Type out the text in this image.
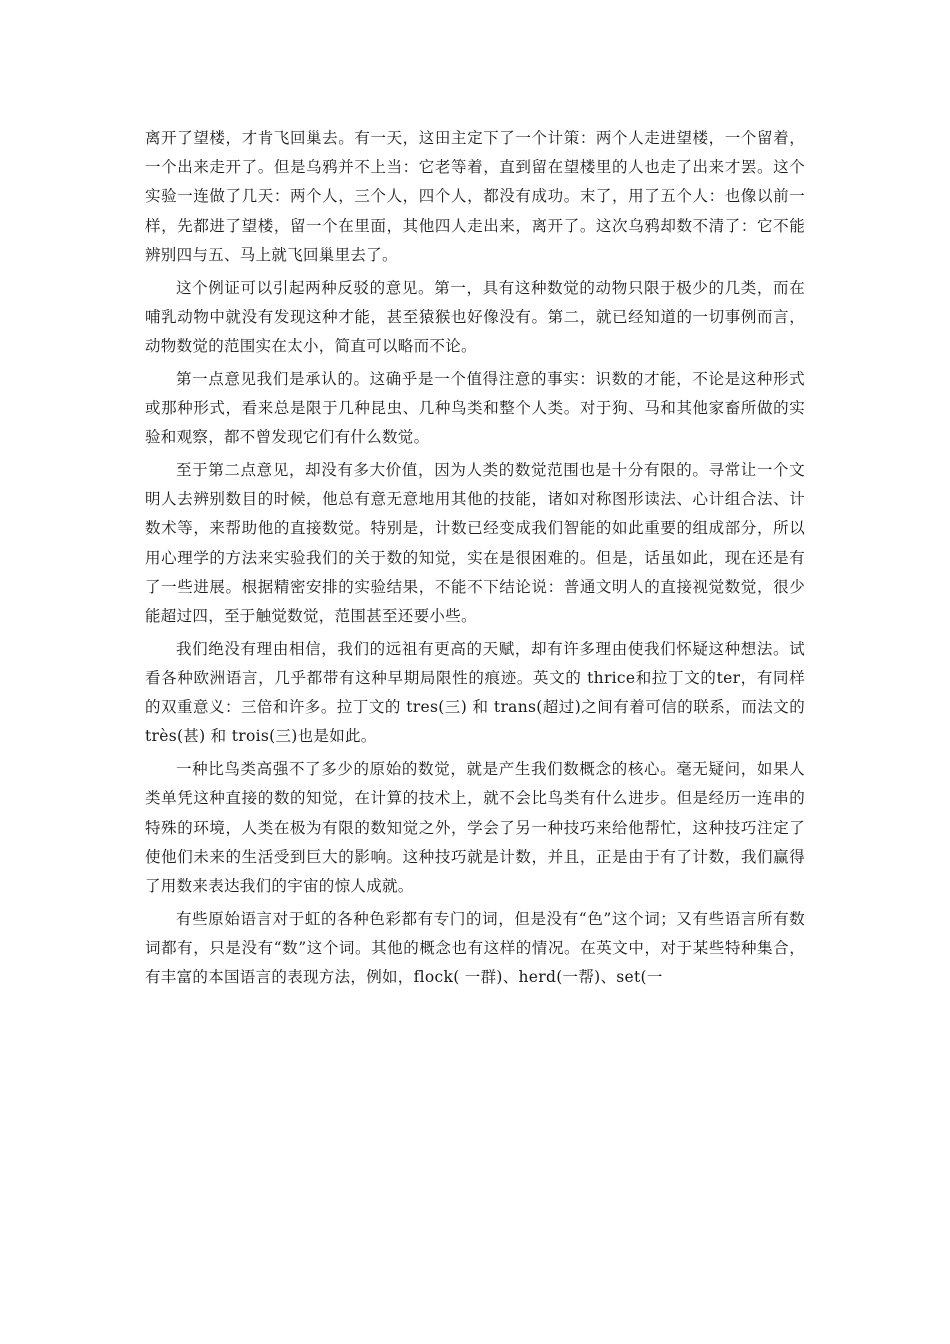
离开了望楼，才肯飞回巢去。有一天，这田主定下了一个计策：两个人走进望楼，一个留着，一个出来走开了。但是乌鸦并不上当：它老等着，直到留在望楼里的人也走了出来才罢。这个实验一连做了几天：两个人，三个人，四个人，都没有成功。末了，用了五个人：也像以前一样，先都进了望楼，留一个在里面，其他四人走出来，离开了。这次乌鸦却数不清了：它不能辨别四与五、马上就飞回巢里去了。

这个例证可以引起两种反驳的意见。第一，具有这种数觉的动物只限于极少的几类，而在哺乳动物中就没有发现这种才能，甚至猿猴也好像没有。第二，就已经知道的一切事例而言，动物数觉的范围实在太小，简直可以略而不论。

第一点意见我们是承认的。这确乎是一个值得注意的事实：识数的才能，不论是这种形式或那种形式，看来总是限于几种昆虫、几种鸟类和整个人类。对于狗、马和其他家畜所做的实验和观察，都不曾发现它们有什么数觉。

至于第二点意见，却没有多大价值，因为人类的数觉范围也是十分有限的。寻常让一个文明人去辨别数目的时候，他总有意无意地用其他的技能，诸如对称图形读法、心计组合法、计数术等，来帮助他的直接数觉。特别是，计数已经变成我们智能的如此重要的组成部分，所以用心理学的方法来实验我们的关于数的知觉，实在是很困难的。但是，话虽如此，现在还是有了一些进展。根据精密安排的实验结果，不能不下结论说：普通文明人的直接视觉数觉，很少能超过四，至于触觉数觉，范围甚至还要小些。

我们绝没有理由相信，我们的远祖有更高的天赋，却有许多理由使我们怀疑这种想法。试看各种欧洲语言，几乎都带有这种早期局限性的痕迹。英文的 thrice和拉丁文的ter，有同样的双重意义：三倍和许多。拉丁文的 tres(三) 和 trans(超过)之间有着可信的联系，而法文的 très(甚) 和 trois(三)也是如此。

一种比鸟类高强不了多少的原始的数觉，就是产生我们数概念的核心。毫无疑问，如果人类单凭这种直接的数的知觉，在计算的技术上，就不会比鸟类有什么进步。但是经历一连串的特殊的环境，人类在极为有限的数知觉之外，学会了另一种技巧来给他帮忙，这种技巧注定了使他们未来的生活受到巨大的影响。这种技巧就是计数，并且，正是由于有了计数，我们赢得了用数来表达我们的宇宙的惊人成就。

有些原始语言对于虹的各种色彩都有专门的词，但是没有“色”这个词；又有些语言所有数词都有，只是没有“数”这个词。其他的概念也有这样的情况。在英文中，对于某些特种集合，有丰富的本国语言的表现方法，例如，flock( 一群)、herd(一帮)、set(一
